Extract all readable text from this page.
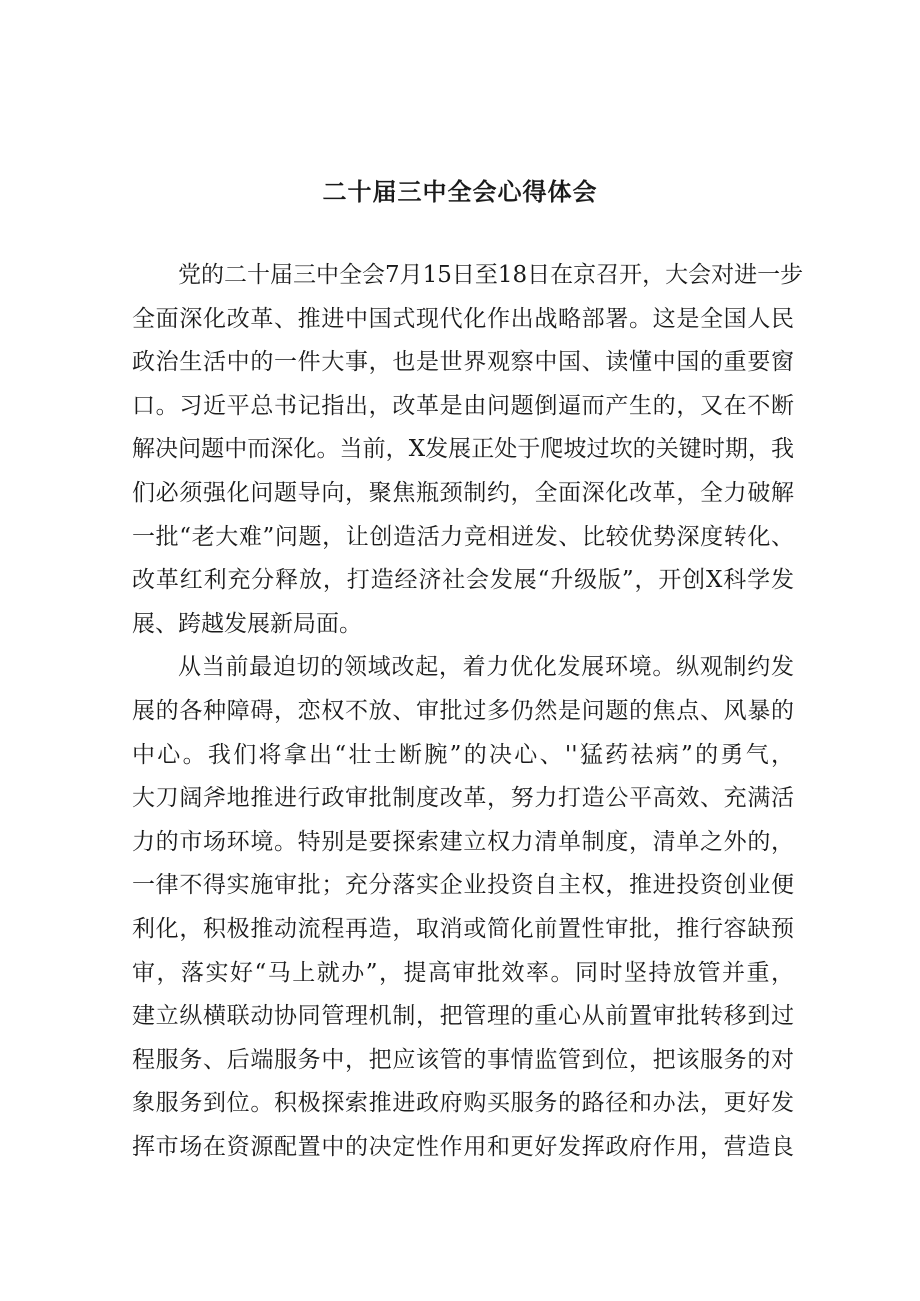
二十届三中全会心得体会
党的二十届三中全会7月15日至18日在京召开，大会对进一步
全面深化改革、推进中国式现代化作出战略部署。这是全国人民
政治生活中的一件大事，也是世界观察中国、读懂中国的重要窗
口。习近平总书记指出，改革是由问题倒逼而产生的，又在不断
解决问题中而深化。当前，X发展正处于爬坡过坎的关键时期，我
们必须强化问题导向，聚焦瓶颈制约，全面深化改革，全力破解
一批“老大难”问题，让创造活力竞相迸发、比较优势深度转化、
改革红利充分释放，打造经济社会发展“升级版”，开创X科学发
展、跨越发展新局面。
从当前最迫切的领域改起，着力优化发展环境。纵观制约发
展的各种障碍，恋权不放、审批过多仍然是问题的焦点、风暴的
中心。我们将拿出“壮士断腕”的决心、''猛药祛病”的勇气，
大刀阔斧地推进行政审批制度改革，努力打造公平高效、充满活
力的市场环境。特别是要探索建立权力清单制度，清单之外的，
一律不得实施审批；充分落实企业投资自主权，推进投资创业便
利化，积极推动流程再造，取消或简化前置性审批，推行容缺预
审，落实好“马上就办”，提高审批效率。同时坚持放管并重，
建立纵横联动协同管理机制，把管理的重心从前置审批转移到过
程服务、后端服务中，把应该管的事情监管到位，把该服务的对
象服务到位。积极探索推进政府购买服务的路径和办法，更好发
挥市场在资源配置中的决定性作用和更好发挥政府作用，营造良
